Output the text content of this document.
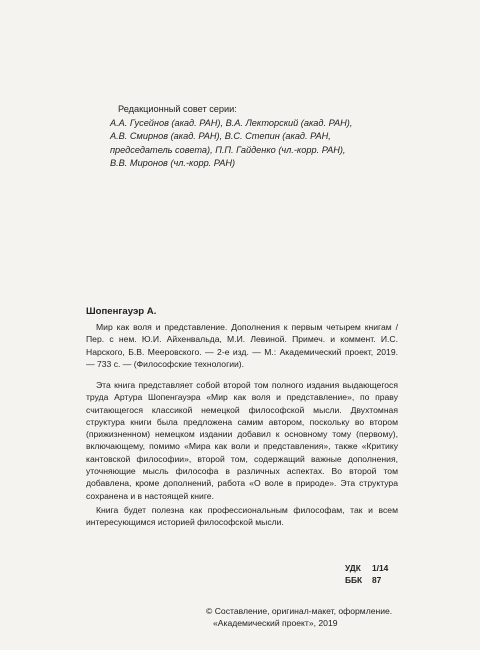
Редакционный совет серии:
А.А. Гусейнов (акад. РАН), В.А. Лекторский (акад. РАН),
А.В. Смирнов (акад. РАН), В.С. Степин (акад. РАН,
председатель совета), П.П. Гайденко (чл.-корр. РАН),
В.В. Миронов (чл.-корр. РАН)
Шопенгауэр А.

Мир как воля и представление. Дополнения к первым четырем книгам / Пер. с нем. Ю.И. Айхенвальда, М.И. Левиной. Примеч. и коммент. И.С. Нарского, Б.В. Мееровского. — 2-е изд. — М.: Академический проект, 2019. — 733 с. — (Философские технологии).

Эта книга представляет собой второй том полного издания выдающегося труда Артура Шопенгауэра «Мир как воля и представление», по праву считающегося классикой немецкой философской мысли. Двухтомная структура книги была предложена самим автором, поскольку во втором (прижизненном) немецком издании добавил к основному тому (первому), включающему, помимо «Мира как воли и представления», также «Критику кантовской философии», второй том, содержащий важные дополнения, уточняющие мысль философа в различных аспектах. Во второй том добавлена, кроме дополнений, работа «О воле в природе». Эта структура сохранена и в настоящей книге.

Книга будет полезна как профессиональным философам, так и всем интересующимся историей философской мысли.

УДК	1/14
ББК	87
© Составление, оригинал-макет, оформление.
«Академический проект», 2019
